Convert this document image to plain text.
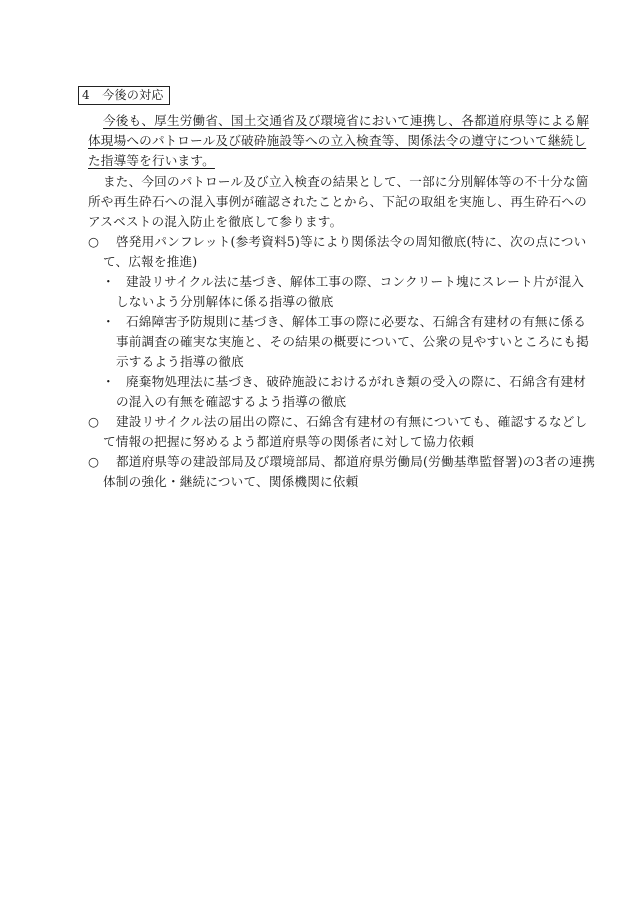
4　今後の対応
今後も、厚生労働省、国土交通省及び環境省において連携し、各都道府県等による解
体現場へのパトロール及び破砕施設等への立入検査等、関係法令の遵守について継続し
た指導等を行います。
また、今回のパトロール及び立入検査の結果として、一部に分別解体等の不十分な箇
所や再生砕石への混入事例が確認されたことから、下記の取組を実施し、再生砕石への
アスベストの混入防止を徹底して参ります。
○ 啓発用パンフレット(参考資料5)等により関係法令の周知徹底(特に、次の点につい
て、広報を推進)
・ 建設リサイクル法に基づき、解体工事の際、コンクリート塊にスレート片が混入
しないよう分別解体に係る指導の徹底
・ 石綿障害予防規則に基づき、解体工事の際に必要な、石綿含有建材の有無に係る
事前調査の確実な実施と、その結果の概要について、公衆の見やすいところにも掲
示するよう指導の徹底
・ 廃棄物処理法に基づき、破砕施設におけるがれき類の受入の際に、石綿含有建材
の混入の有無を確認するよう指導の徹底
○ 建設リサイクル法の届出の際に、石綿含有建材の有無についても、確認するなどし
て情報の把握に努めるよう都道府県等の関係者に対して協力依頼
○ 都道府県等の建設部局及び環境部局、都道府県労働局(労働基準監督署)の3者の連携
体制の強化・継続について、関係機関に依頼
